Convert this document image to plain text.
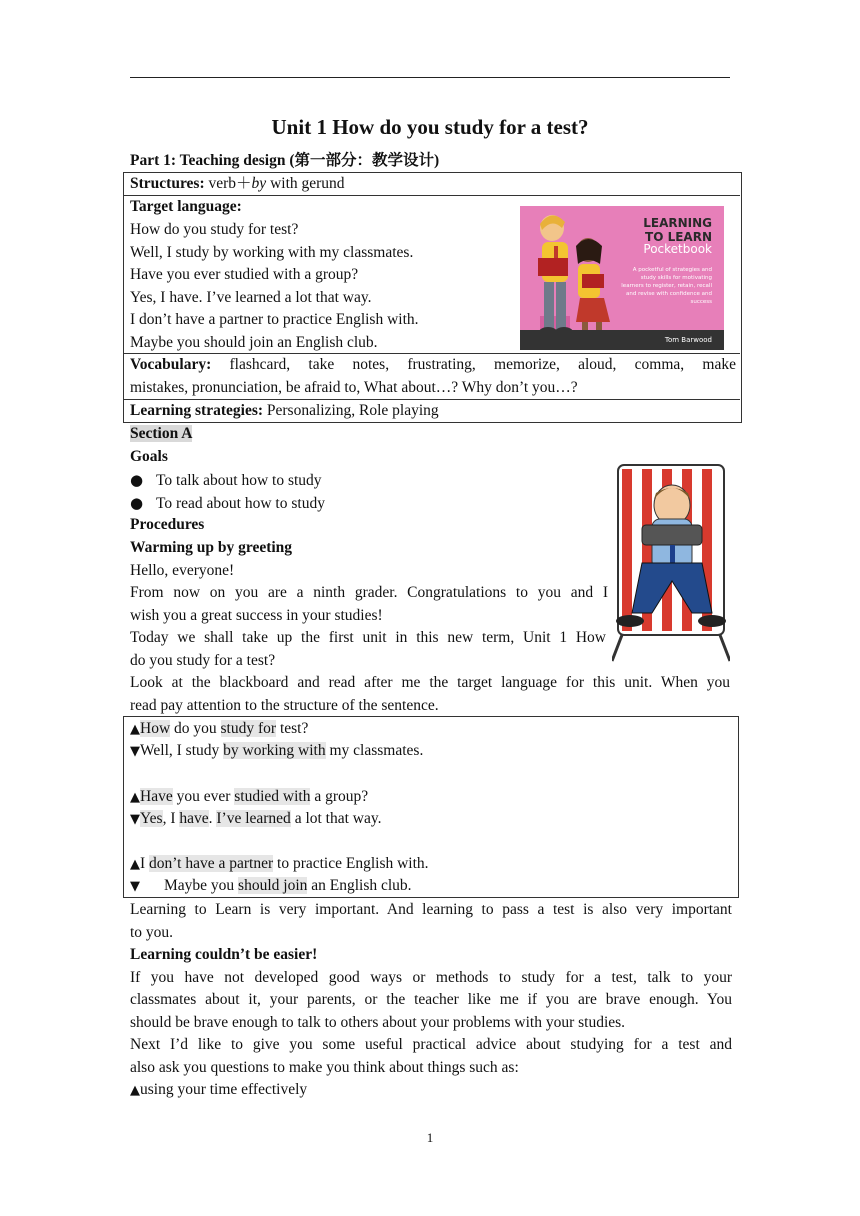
Unit 1 How do you study for a test?
Part 1: Teaching design (第一部分：教学设计)
Structures: verb＋by with gerund
Target language:
How do you study for test?
Well, I study by working with my classmates.
Have you ever studied with a group?
Yes, I have. I’ve learned a lot that way.
I don’t have a partner to practice English with.
Maybe you should join an English club.
LEARNING
TO LEARN
Pocketbook
A pocketful of strategies and study skills for motivating learners to register, retain, recall and revise with confidence and success
Tom Barwood
Vocabulary: flashcard, take notes, frustrating, memorize, aloud, comma, make
mistakes, pronunciation, be afraid to, What about…? Why don’t you…?
Learning strategies: Personalizing, Role playing
Section A
Goals
● To talk about how to study
● To read about how to study
Procedures
Warming up by greeting
Hello, everyone!
From now on you are a ninth grader. Congratulations to you and I
wish you a great success in your studies!
Today we shall take up the first unit in this new term, Unit 1 How
do you study for a test?
Look at the blackboard and read after me the target language for this unit. When you
read pay attention to the structure of the sentence.
▲How do you study for test?
▼Well, I study by working with my classmates.
▲Have you ever studied with a group?
▼Yes, I have. I’ve learned a lot that way.
▲I don’t have a partner to practice English with.
▼ Maybe you should join an English club.
Learning to Learn is very important. And learning to pass a test is also very important
to you.
Learning couldn’t be easier!
If you have not developed good ways or methods to study for a test, talk to your
classmates about it, your parents, or the teacher like me if you are brave enough. You
should be brave enough to talk to others about your problems with your studies.
Next I’d like to give you some useful practical advice about studying for a test and
also ask you questions to make you think about things such as:
▲using your time effectively
1
